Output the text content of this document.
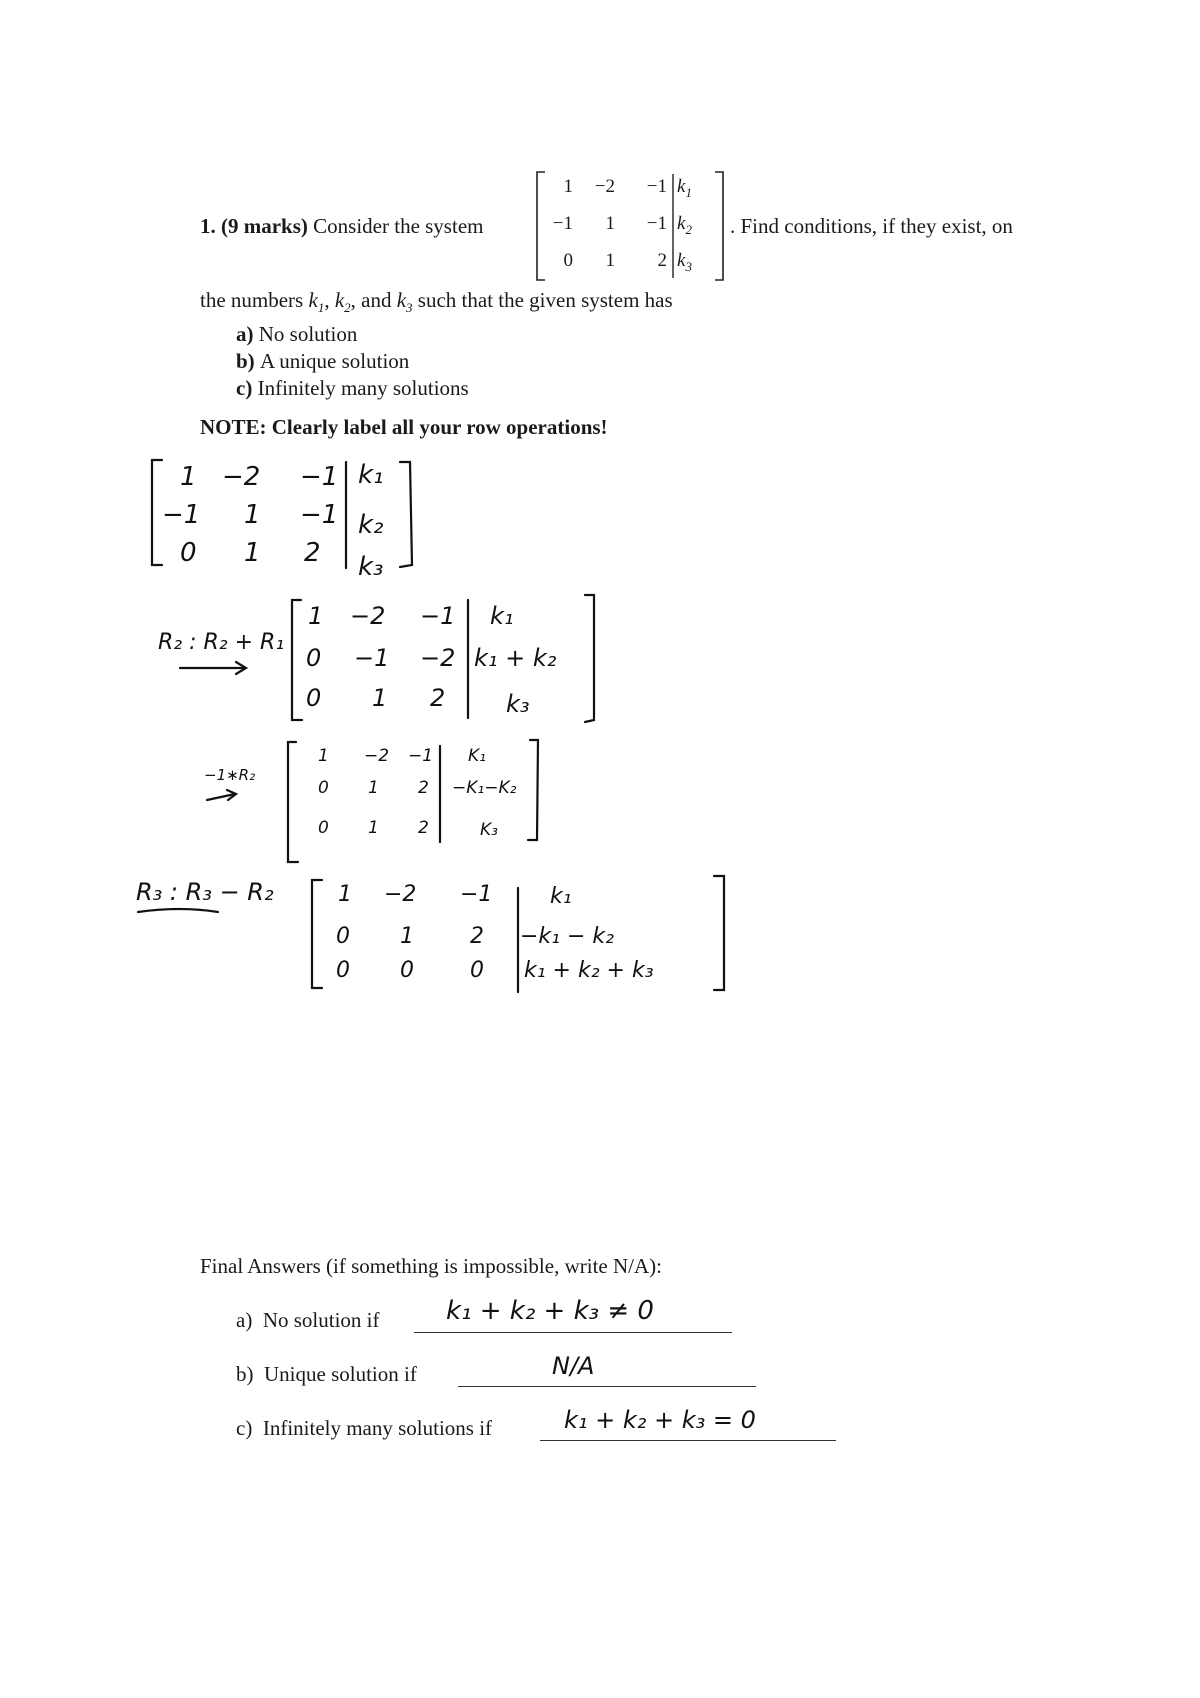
1. (9 marks) Consider the system
1	−2	−1 $k_1$
−1	1	−1 $k_2$
0	1	2 $k_3$
. Find conditions, if they exist, on
the numbers $k_1$, $k_2$, and $k_3$ such that the given system has
a) No solution
b) A unique solution
c) Infinitely many solutions
NOTE: Clearly label all your row operations!
1 −2 −1 k₁
−1 1 −1 k₂
0 1 2 k₃
R₂ : R₂ + R₁
1 −2 −1 k₁
0 −1 −2 k₁ + k₂
0 1 2	k₃
−1∗R₂
1 −2 −1 K₁
0 1 2 −K₁−K₂
0 1 2	K₃
R₃ : R₃ − R₂	1 −2 −1	k₁
0 1	2 −k₁ − k₂
0 0	0 k₁ + k₂ + k₃
Final Answers (if something is impossible, write N/A):
a) No solution if	k₁ + k₂ + k₃ ≠ 0
b) Unique solution if	N/A
c) Infinitely many solutions if	k₁ + k₂ + k₃ = 0
